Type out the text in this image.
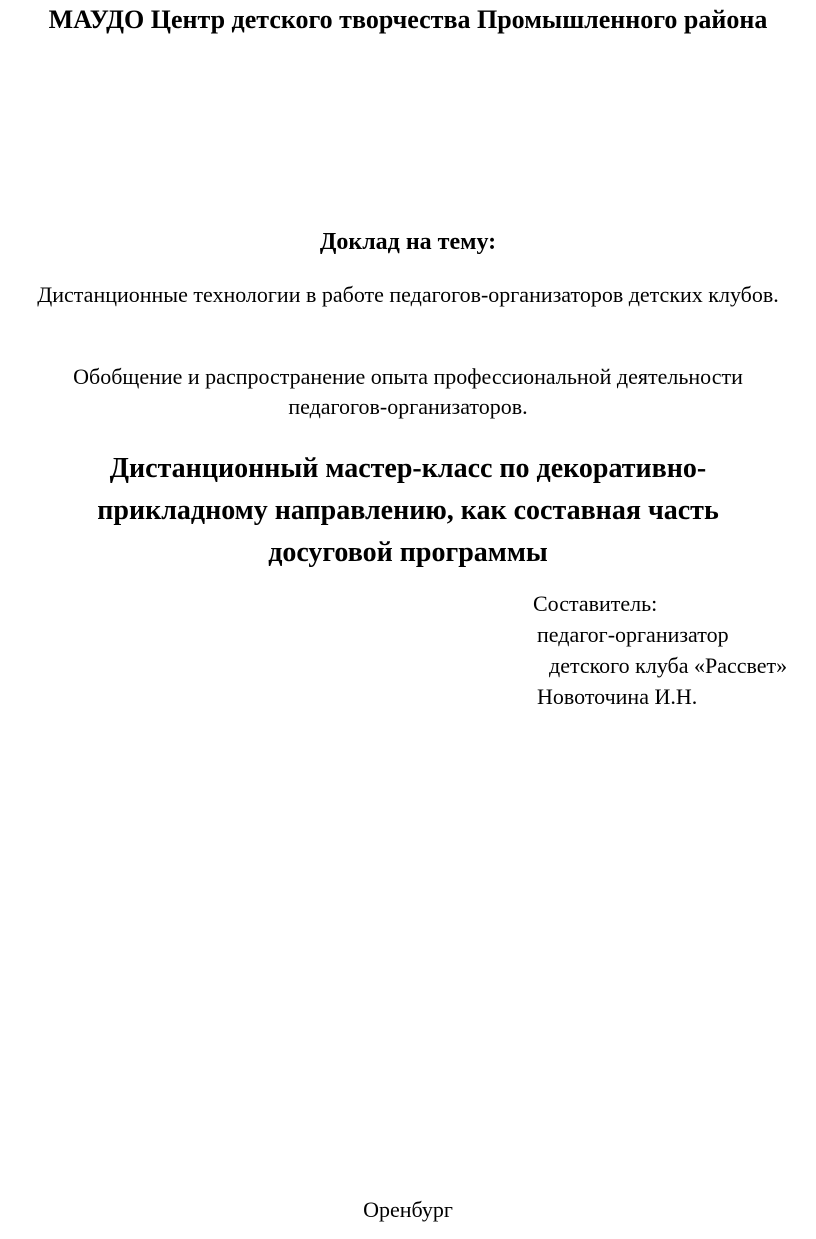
МАУДО Центр детского творчества Промышленного района
Доклад на тему:
Дистанционные технологии в работе педагогов-организаторов детских клубов.
Обобщение и распространение опыта профессиональной деятельности педагогов-организаторов.
Дистанционный мастер-класс по декоративно-прикладному направлению, как составная часть досуговой программы
Составитель:
педагог-организатор
детского клуба «Рассвет»
Новоточина И.Н.
Оренбург
